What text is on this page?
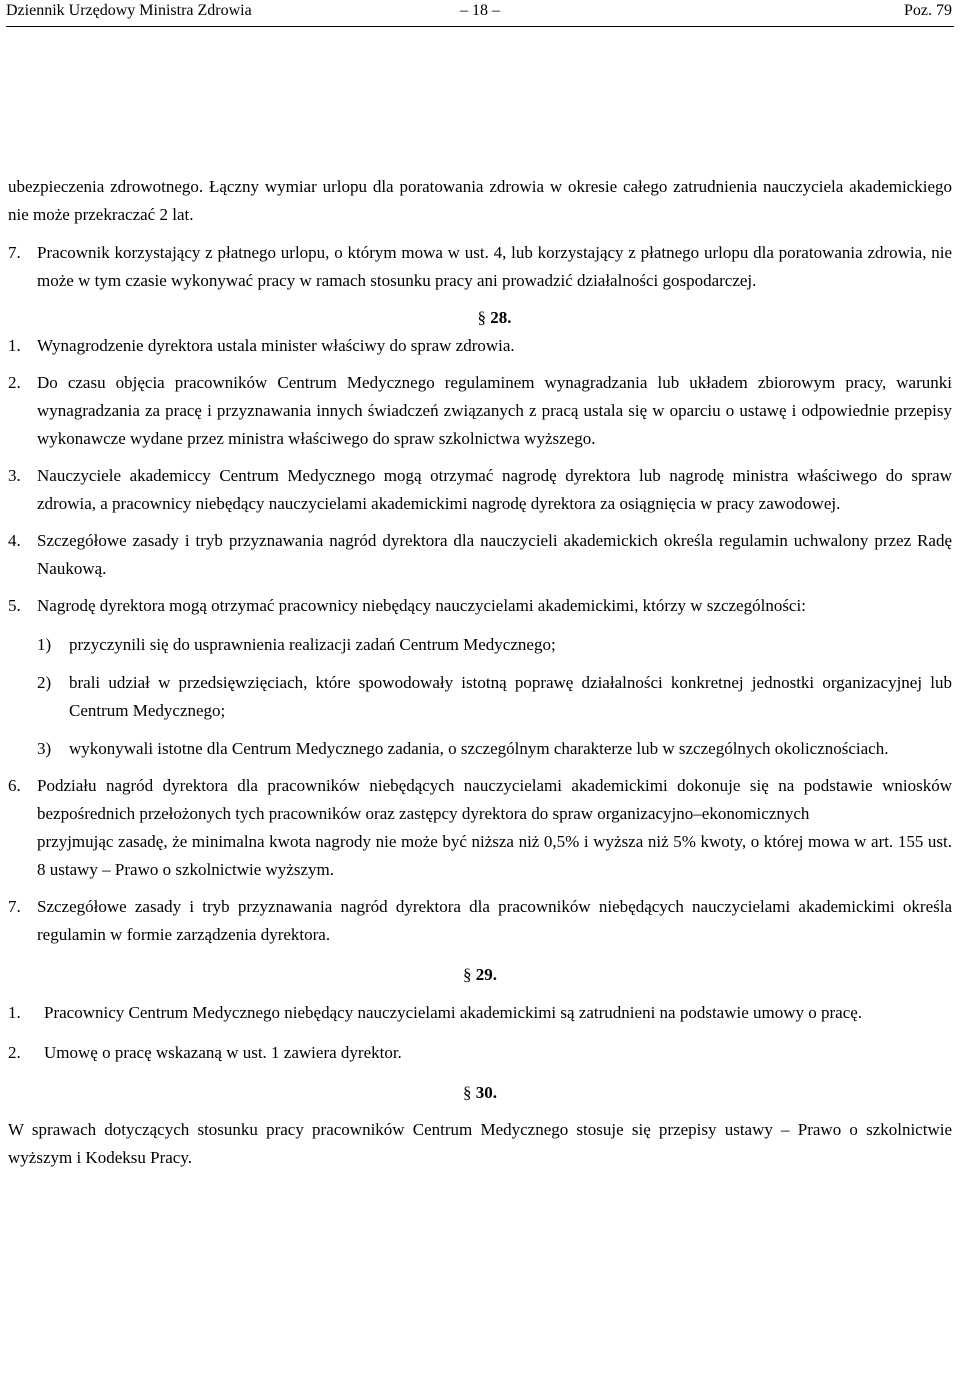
Dziennik Urzędowy Ministra Zdrowia	– 18 –	Poz. 79

ubezpieczenia zdrowotnego. Łączny wymiar urlopu dla poratowania zdrowia w okresie całego zatrudnienia nauczyciela akademickiego nie może przekraczać 2 lat.

7. Pracownik korzystający z płatnego urlopu, o którym mowa w ust. 4, lub korzystający z płatnego urlopu dla poratowania zdrowia, nie może w tym czasie wykonywać pracy w ramach stosunku pracy ani prowadzić działalności gospodarczej.

§ 28.

1. Wynagrodzenie dyrektora ustala minister właściwy do spraw zdrowia.

2. Do czasu objęcia pracowników Centrum Medycznego regulaminem wynagradzania lub układem zbiorowym pracy, warunki wynagradzania za pracę i przyznawania innych świadczeń związanych z pracą ustala się w oparciu o ustawę i odpowiednie przepisy wykonawcze wydane przez ministra właściwego do spraw szkolnictwa wyższego.

3. Nauczyciele akademiccy Centrum Medycznego mogą otrzymać nagrodę dyrektora lub nagrodę ministra właściwego do spraw zdrowia, a pracownicy niebędący nauczycielami akademickimi nagrodę dyrektora za osiągnięcia w pracy zawodowej.

4. Szczegółowe zasady i tryb przyznawania nagród dyrektora dla nauczycieli akademickich określa regulamin uchwalony przez Radę Naukową.

5. Nagrodę dyrektora mogą otrzymać pracownicy niebędący nauczycielami akademickimi, którzy w szczególności:

1) przyczynili się do usprawnienia realizacji zadań Centrum Medycznego;

2) brali udział w przedsięwzięciach, które spowodowały istotną poprawę działalności konkretnej jednostki organizacyjnej lub Centrum Medycznego;

3) wykonywali istotne dla Centrum Medycznego zadania, o szczególnym charakterze lub w szczególnych okolicznościach.

6. Podziału nagród dyrektora dla pracowników niebędących nauczycielami akademickimi dokonuje się na podstawie wniosków bezpośrednich przełożonych tych pracowników oraz zastępcy dyrektora do spraw organizacyjno–ekonomicznych

przyjmując zasadę, że minimalna kwota nagrody nie może być niższa niż 0,5% i wyższa niż 5% kwoty, o której mowa w art. 155 ust. 8 ustawy – Prawo o szkolnictwie wyższym.

7. Szczegółowe zasady i tryb przyznawania nagród dyrektora dla pracowników niebędących nauczycielami akademickimi określa regulamin w formie zarządzenia dyrektora.

§ 29.

1. Pracownicy Centrum Medycznego niebędący nauczycielami akademickimi są zatrudnieni na podstawie umowy o pracę.

2. Umowę o pracę wskazaną w ust. 1 zawiera dyrektor.

§ 30.

W sprawach dotyczących stosunku pracy pracowników Centrum Medycznego stosuje się przepisy ustawy – Prawo o szkolnictwie wyższym i Kodeksu Pracy.
